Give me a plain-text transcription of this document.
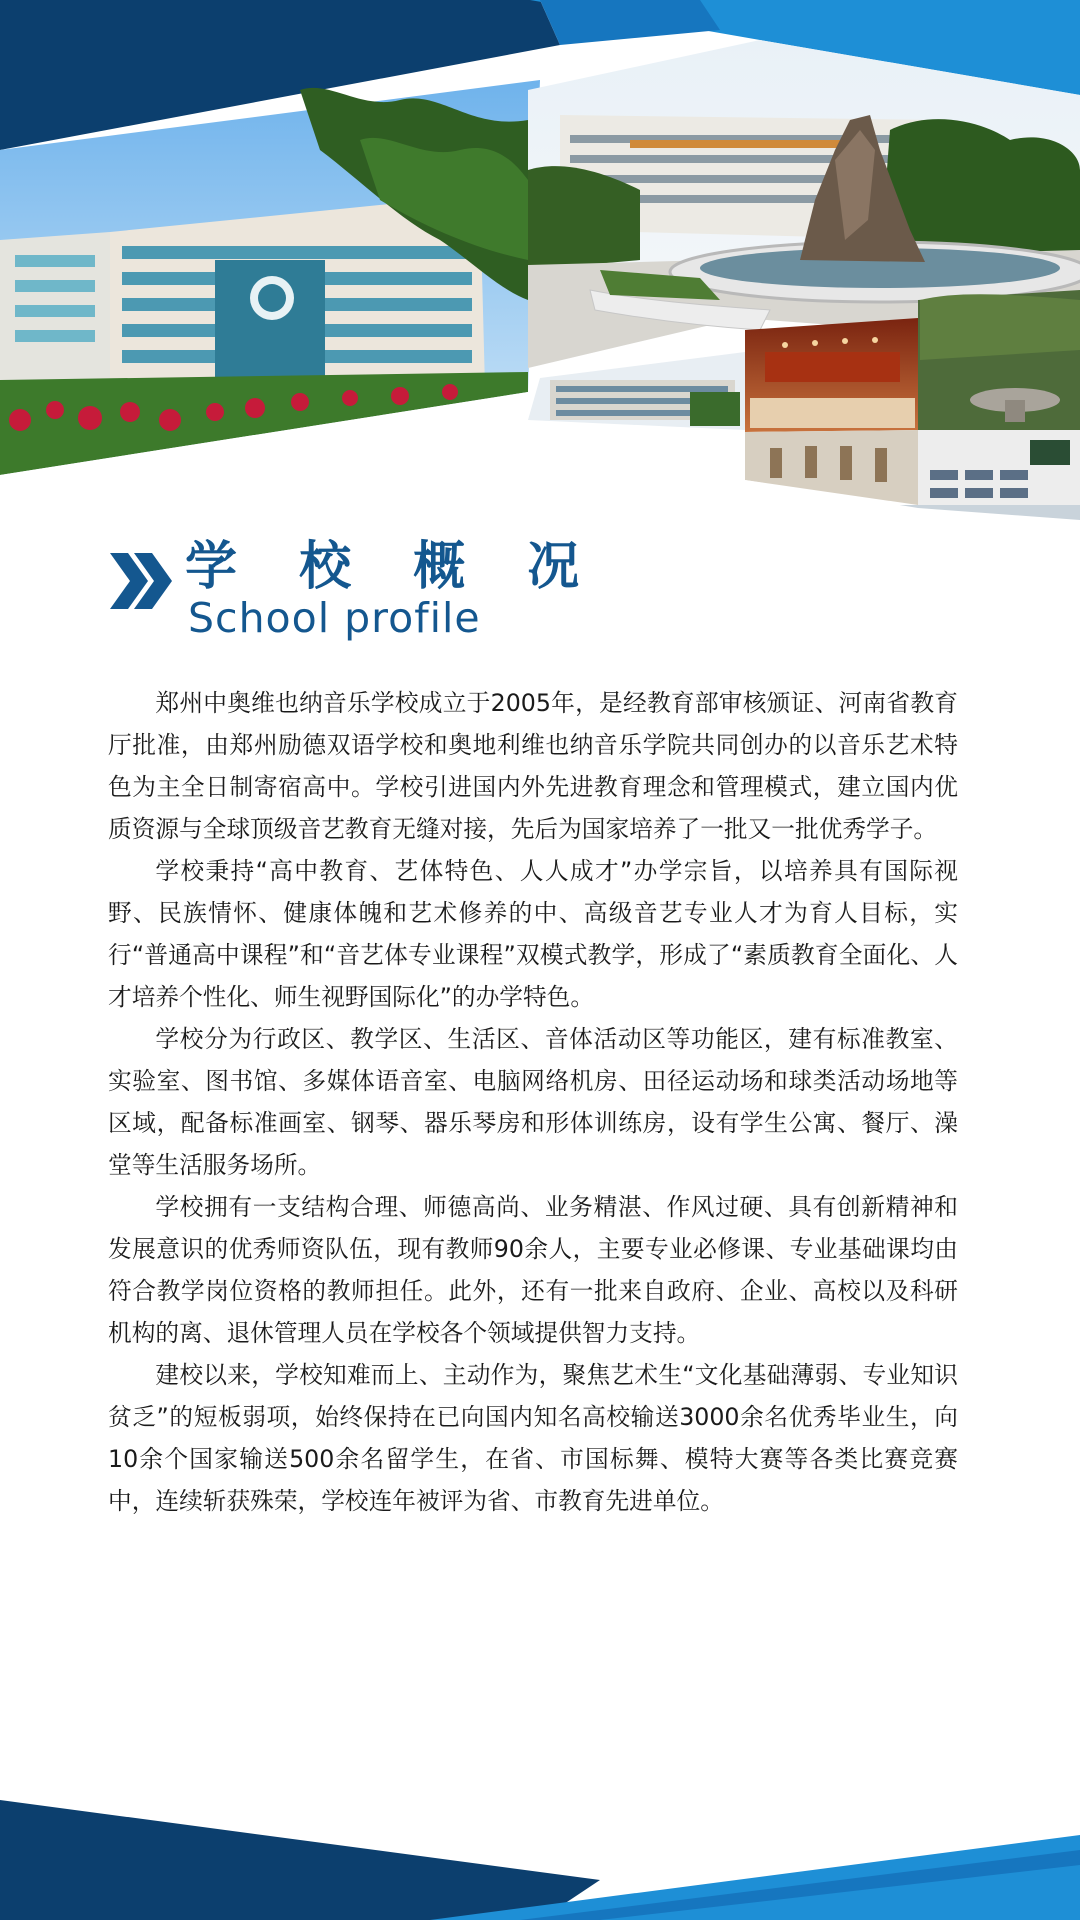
学 校 概 况
School profile

郑州中奥维也纳音乐学校成立于2005年，是经教育部审核颁证、河南省教育厅批准，由郑州励德双语学校和奥地利维也纳音乐学院共同创办的以音乐艺术特色为主全日制寄宿高中。学校引进国内外先进教育理念和管理模式，建立国内优质资源与全球顶级音艺教育无缝对接，先后为国家培养了一批又一批优秀学子。

学校秉持“高中教育、艺体特色、人人成才”办学宗旨，以培养具有国际视野、民族情怀、健康体魄和艺术修养的中、高级音艺专业人才为育人目标，实行“普通高中课程”和“音艺体专业课程”双模式教学，形成了“素质教育全面化、人才培养个性化、师生视野国际化”的办学特色。

学校分为行政区、教学区、生活区、音体活动区等功能区，建有标准教室、实验室、图书馆、多媒体语音室、电脑网络机房、田径运动场和球类活动场地等区域，配备标准画室、钢琴、器乐琴房和形体训练房，设有学生公寓、餐厅、澡堂等生活服务场所。

学校拥有一支结构合理、师德高尚、业务精湛、作风过硬、具有创新精神和发展意识的优秀师资队伍，现有教师90余人，主要专业必修课、专业基础课均由符合教学岗位资格的教师担任。此外，还有一批来自政府、企业、高校以及科研机构的离、退休管理人员在学校各个领域提供智力支持。

建校以来，学校知难而上、主动作为，聚焦艺术生“文化基础薄弱、专业知识贫乏”的短板弱项，始终保持在已向国内知名高校输送3000余名优秀毕业生，向10余个国家输送500余名留学生，在省、市国标舞、模特大赛等各类比赛竞赛中，连续斩获殊荣，学校连年被评为省、市教育先进单位。
